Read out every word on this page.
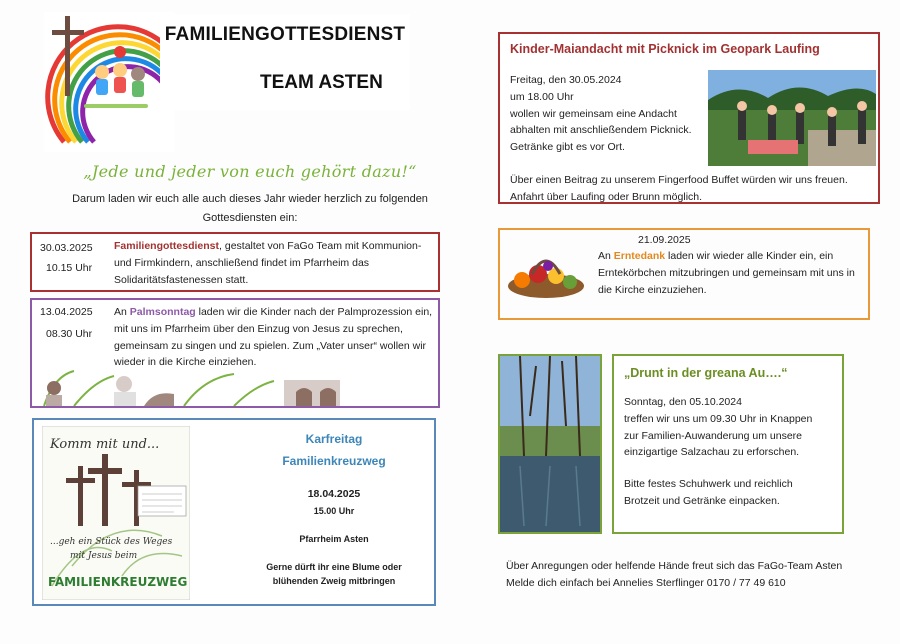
FAMILIENGOTTESDIENST
TEAM ASTEN
„Jede und jeder von euch gehört dazu!“
Darum laden wir euch alle auch dieses Jahr wieder herzlich zu folgenden
Gottesdiensten ein:
30.03.2025
10.15 Uhr
Familiengottesdienst, gestaltet von FaGo Team mit Kommunion- und Firmkindern, anschließend findet im Pfarrheim das Solidaritätsfastenessen statt.
13.04.2025
08.30 Uhr
An Palmsonntag laden wir die Kinder nach der Palmprozession ein, mit uns im Pfarrheim über den Einzug von Jesus zu sprechen, gemeinsam zu singen und zu spielen. Zum „Vater unser“ wollen wir wieder in die Kirche einziehen.
Komm mit und...
...geh ein Stück des Weges
mit Jesus beim
FAMILIENKREUZWEG
Karfreitag
Familienkreuzweg
18.04.2025
15.00 Uhr
Pfarrheim Asten
Gerne dürft ihr eine Blume oder
blühenden Zweig mitbringen
Kinder-Maiandacht mit Picknick im Geopark Laufing
Freitag, den 30.05.2024
um 18.00 Uhr
wollen wir gemeinsam eine Andacht
abhalten mit anschließendem Picknick.
Getränke gibt es vor Ort.
Über einen Beitrag zu unserem Fingerfood Buffet würden wir uns freuen.
Anfahrt über Laufing oder Brunn möglich.
21.09.2025
An Erntedank laden wir wieder alle Kinder ein, ein Erntekörbchen mitzubringen und gemeinsam mit uns in die Kirche einzuziehen.
„Drunt in der greana Au….“
Sonntag, den 05.10.2024
treffen wir uns um 09.30 Uhr in Knappen
zur Familien-Auwanderung um unsere
einzigartige Salzachau zu erforschen.
Bitte festes Schuhwerk und reichlich
Brotzeit und Getränke einpacken.
Über Anregungen oder helfende Hände freut sich das FaGo-Team Asten
Melde dich einfach bei Annelies Sterflinger 0170 / 77 49 610
